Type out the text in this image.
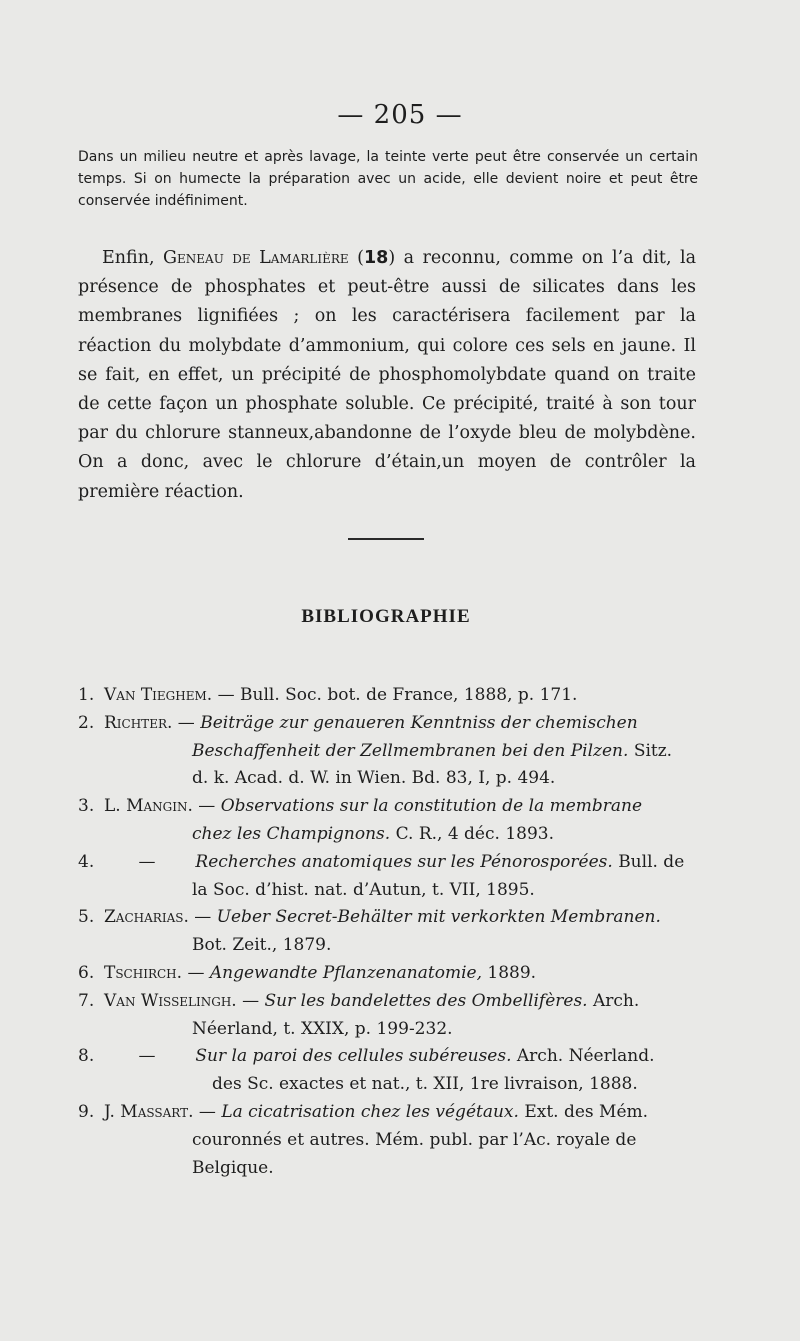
— 205 —

Dans un milieu neutre et après lavage, la teinte verte peut être conservée un certain temps. Si on humecte la préparation avec un acide, elle devient noire et peut être conservée indéfiniment.

Enfin, Geneau de Lamarlière (18) a reconnu, comme on l’a dit, la présence de phosphates et peut-être aussi de silicates dans les membranes lignifiées ; on les caractérisera facilement par la réaction du molybdate d’ammonium, qui colore ces sels en jaune. Il se fait, en effet, un précipité de phosphomolybdate quand on traite de cette façon un phosphate soluble. Ce précipité, traité à son tour par du chlorure stanneux,abandonne de l’oxyde bleu de molybdène. On a donc, avec le chlorure d’étain,un moyen de contrôler la première réaction.

BIBLIOGRAPHIE
1. Van Tieghem. — Bull. Soc. bot. de France, 1888, p. 171.
2. Richter. — Beiträge zur genaueren Kenntniss der chemischen
Beschaffenheit der Zellmembranen bei den Pilzen. Sitz.
d. k. Acad. d. W. in Wien. Bd. 83, I, p. 494.
3. L. Mangin. — Observations sur la constitution de la membrane
chez les Champignons. C. R., 4 déc. 1893.
4.	— Recherches anatomiques sur les Pénorosporées. Bull. de
la Soc. d’hist. nat. d’Autun, t. VII, 1895.
5. Zacharias. — Ueber Secret-Behälter mit verkorkten Membranen.
Bot. Zeit., 1879.
6. Tschirch. — Angewandte Pflanzenanatomie, 1889.
7. Van Wisselingh. — Sur les bandelettes des Ombellifères. Arch.
Néerland, t. XXIX, p. 199-232.
8.	— Sur la paroi des cellules subéreuses. Arch. Néerland.
des Sc. exactes et nat., t. XII, 1re livraison, 1888.
9. J. Massart. — La cicatrisation chez les végétaux. Ext. des Mém.
couronnés et autres. Mém. publ. par l’Ac. royale de
Belgique.
